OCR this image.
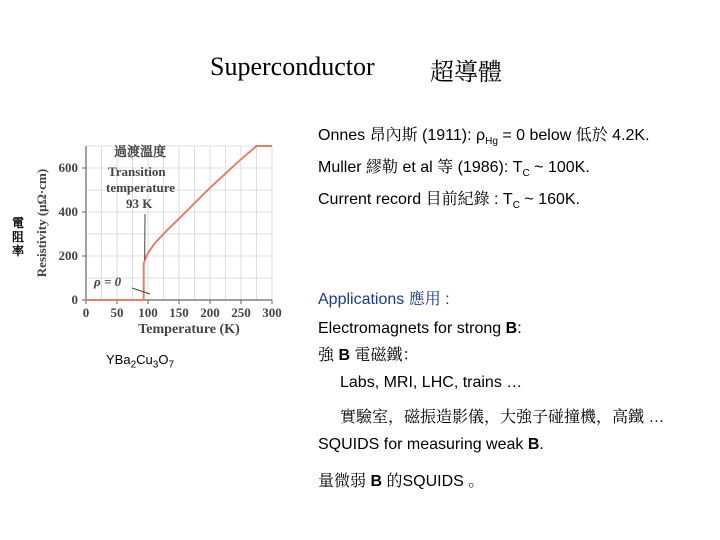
Superconductor 超導體
Onnes 昂內斯 (1911): $\rho_{Hg} = 0$ below 低於 4.2K.
Muller 繆勒 et al 等 (1986): $T_C$ ~ 100K.
Current record 目前紀錄 : $T_C$ ~ 160K.
Applications 應用 :
Electromagnets for strong B:
強 B 電磁鐵：
Labs, MRI, LHC, trains …
實驗室，磁振造影儀，大強子碰撞機，高鐵 …
SQUIDS for measuring weak B.
量微弱 B 的SQUIDS 。
0 50 100 150 200 250 300
0
200
400
600
Temperature (K)
Resistivity (μΩ·cm)
過渡溫度
Transition
temperature
93 K
ρ = 0
電阻率
$YBa_2Cu_3O_7$
